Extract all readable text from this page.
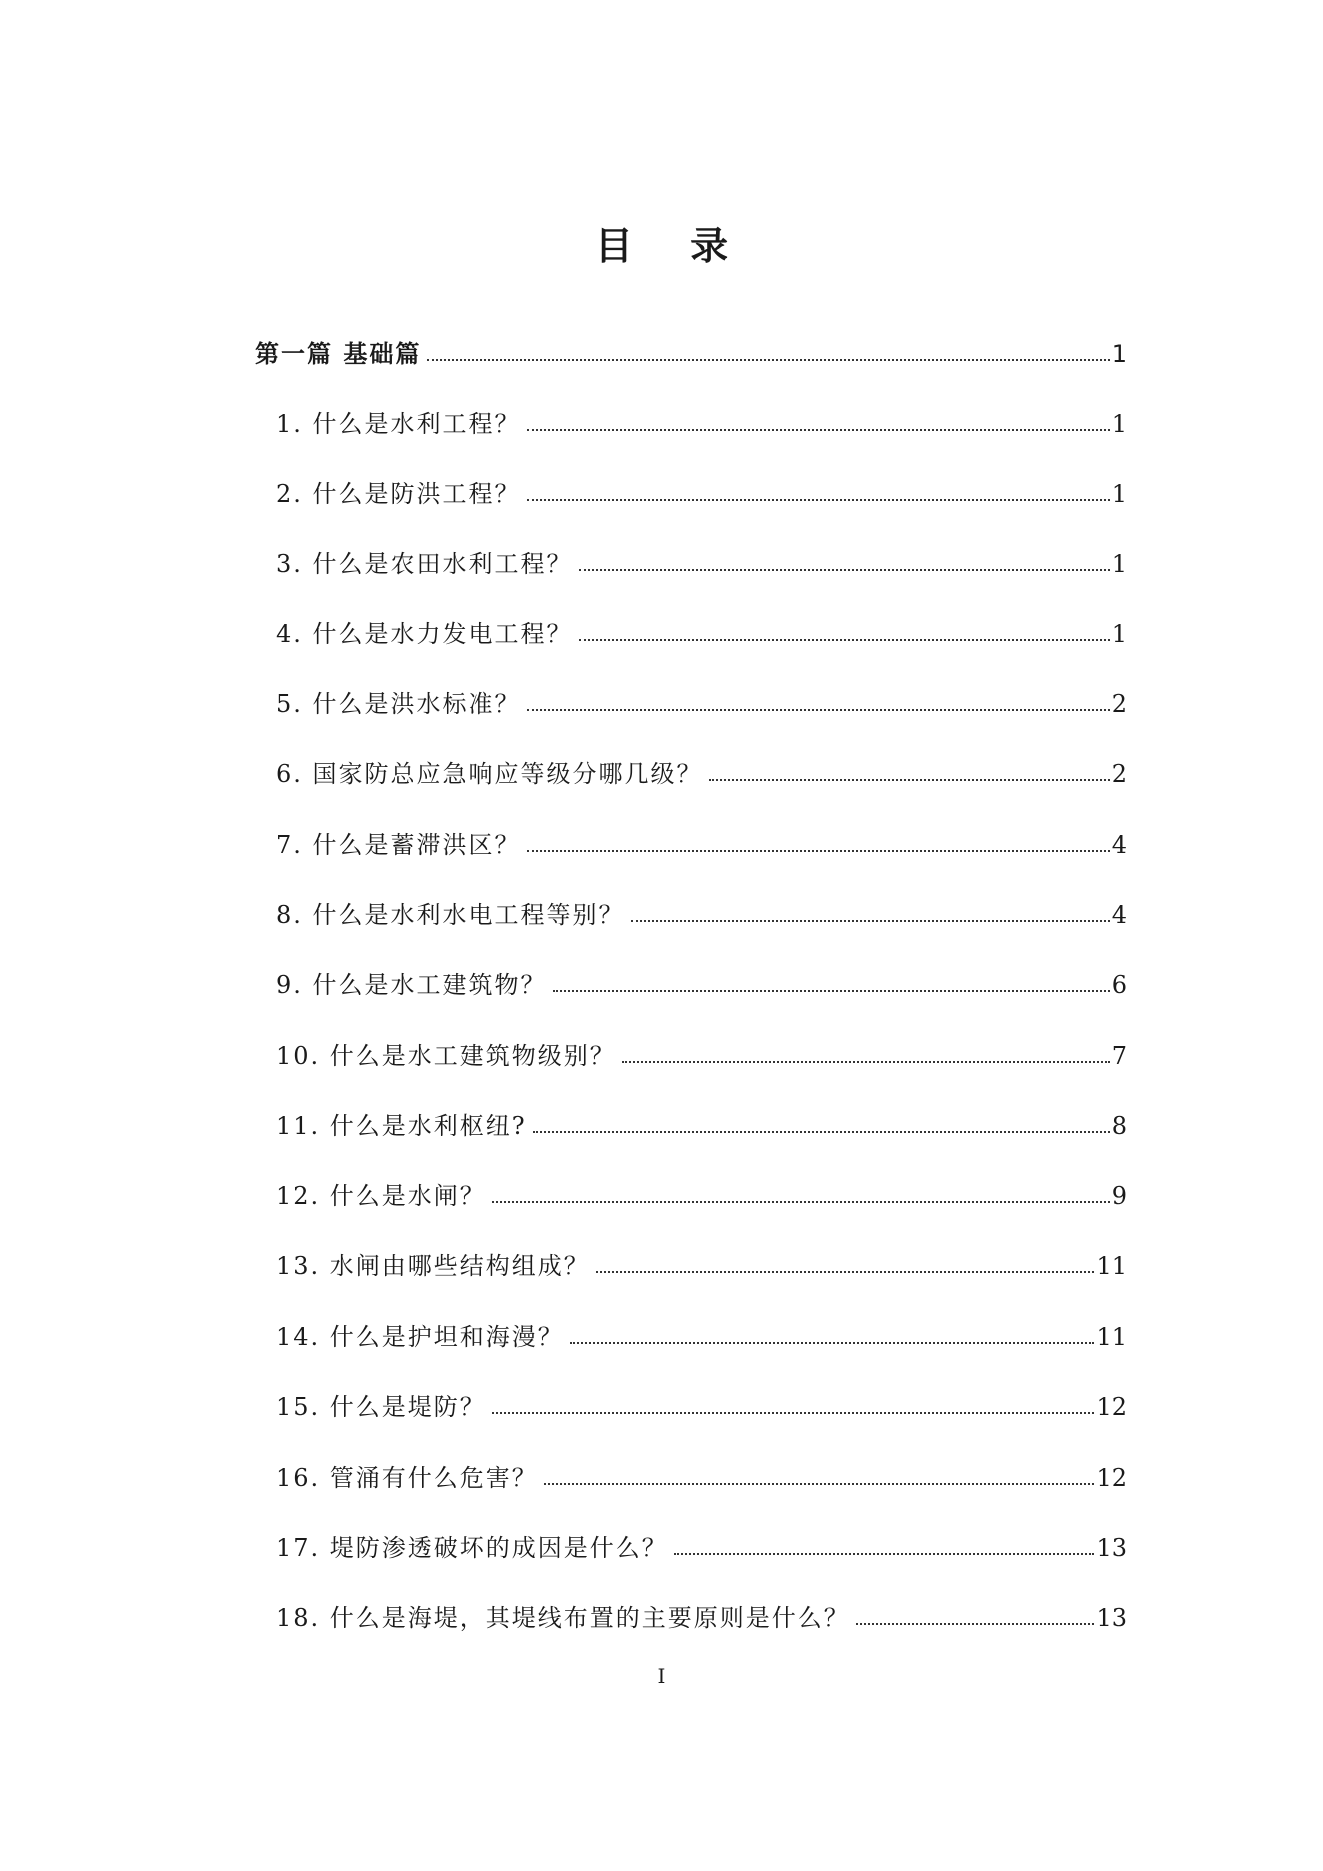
目 录
第一篇 基础篇	1
1. 什么是水利工程？	1
2. 什么是防洪工程？	1
3. 什么是农田水利工程？	1
4. 什么是水力发电工程？	1
5. 什么是洪水标准？	2
6. 国家防总应急响应等级分哪几级？	2
7. 什么是蓄滞洪区？	4
8. 什么是水利水电工程等别？	4
9. 什么是水工建筑物？	6
10. 什么是水工建筑物级别？	7
11. 什么是水利枢纽?	8
12. 什么是水闸？	9
13. 水闸由哪些结构组成？	11
14. 什么是护坦和海漫？	11
15. 什么是堤防？	12
16. 管涌有什么危害？	12
17. 堤防渗透破坏的成因是什么？	13
18. 什么是海堤，其堤线布置的主要原则是什么？	13
I
